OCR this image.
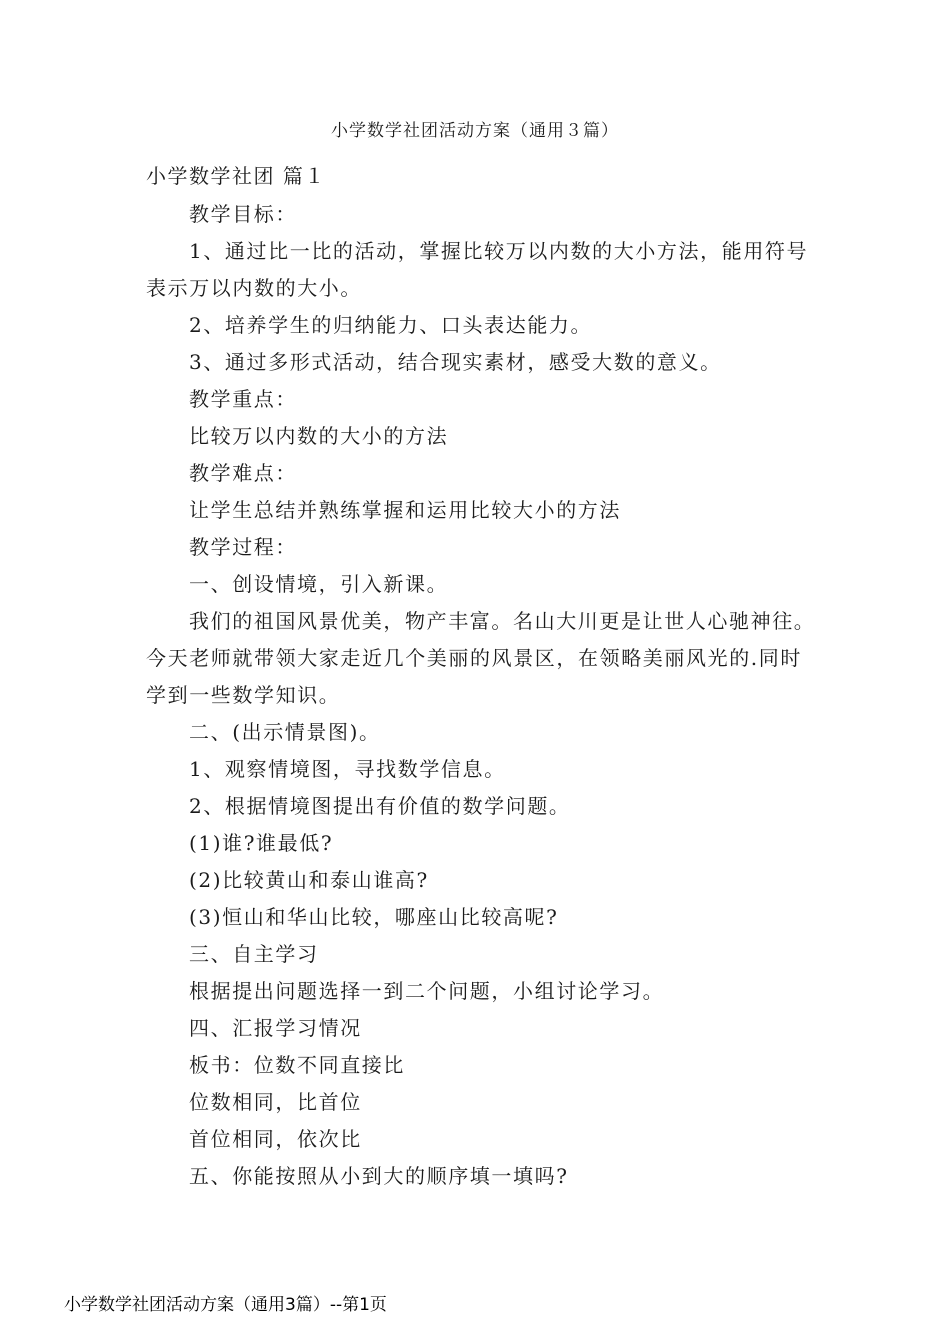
小学数学社团活动方案（通用３篇）
小学数学社团 篇１
教学目标：
1、通过比一比的活动，掌握比较万以内数的大小方法，能用符号
表示万以内数的大小。
2、培养学生的归纳能力、口头表达能力。
3、通过多形式活动，结合现实素材，感受大数的意义。
教学重点：
比较万以内数的大小的方法
教学难点：
让学生总结并熟练掌握和运用比较大小的方法
教学过程：
一、创设情境，引入新课。
我们的祖国风景优美，物产丰富。名山大川更是让世人心驰神往。
今天老师就带领大家走近几个美丽的风景区，在领略美丽风光的.同时
学到一些数学知识。
二、(出示情景图)。
1、观察情境图，寻找数学信息。
2、根据情境图提出有价值的数学问题。
(1)谁?谁最低?
(2)比较黄山和泰山谁高?
(3)恒山和华山比较，哪座山比较高呢?
三、自主学习
根据提出问题选择一到二个问题，小组讨论学习。
四、汇报学习情况
板书：位数不同直接比
位数相同，比首位
首位相同，依次比
五、你能按照从小到大的顺序填一填吗?
小学数学社团活动方案（通用3篇）--第1页
